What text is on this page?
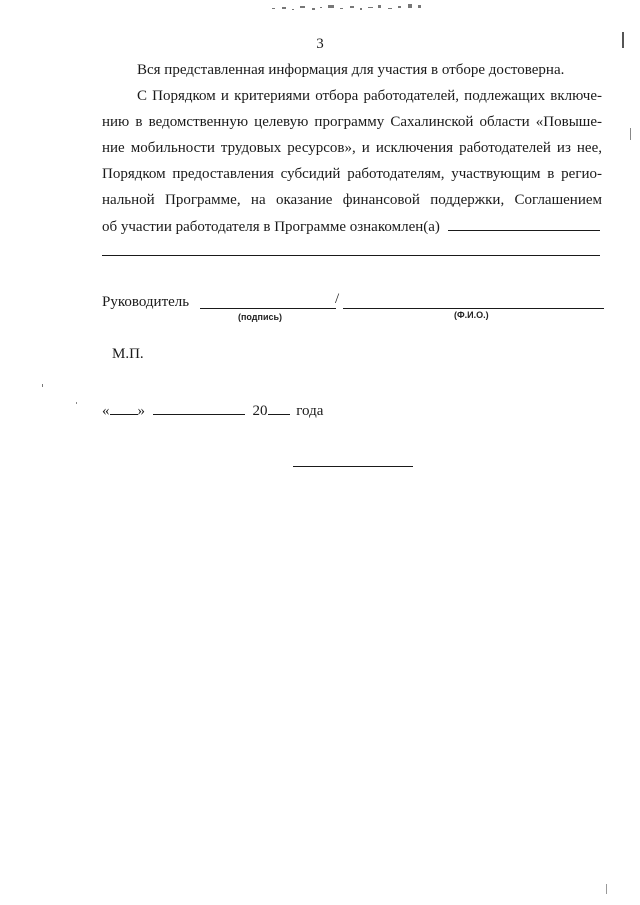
3
Вся представленная информация для участия в отборе достоверна.
С Порядком и критериями отбора работодателей, подлежащих включе-
нию в ведомственную целевую программу Сахалинской области «Повыше-
ние мобильности трудовых ресурсов», и исключения работодателей из нее,
Порядком предоставления субсидий работодателям, участвующим в регио-
нальной Программе, на оказание финансовой поддержки, Соглашением
об участии работодателя в Программе ознакомлен(а)
Руководитель	/
(подпись)	(Ф.И.О.)
М.П.
« »	20 года
